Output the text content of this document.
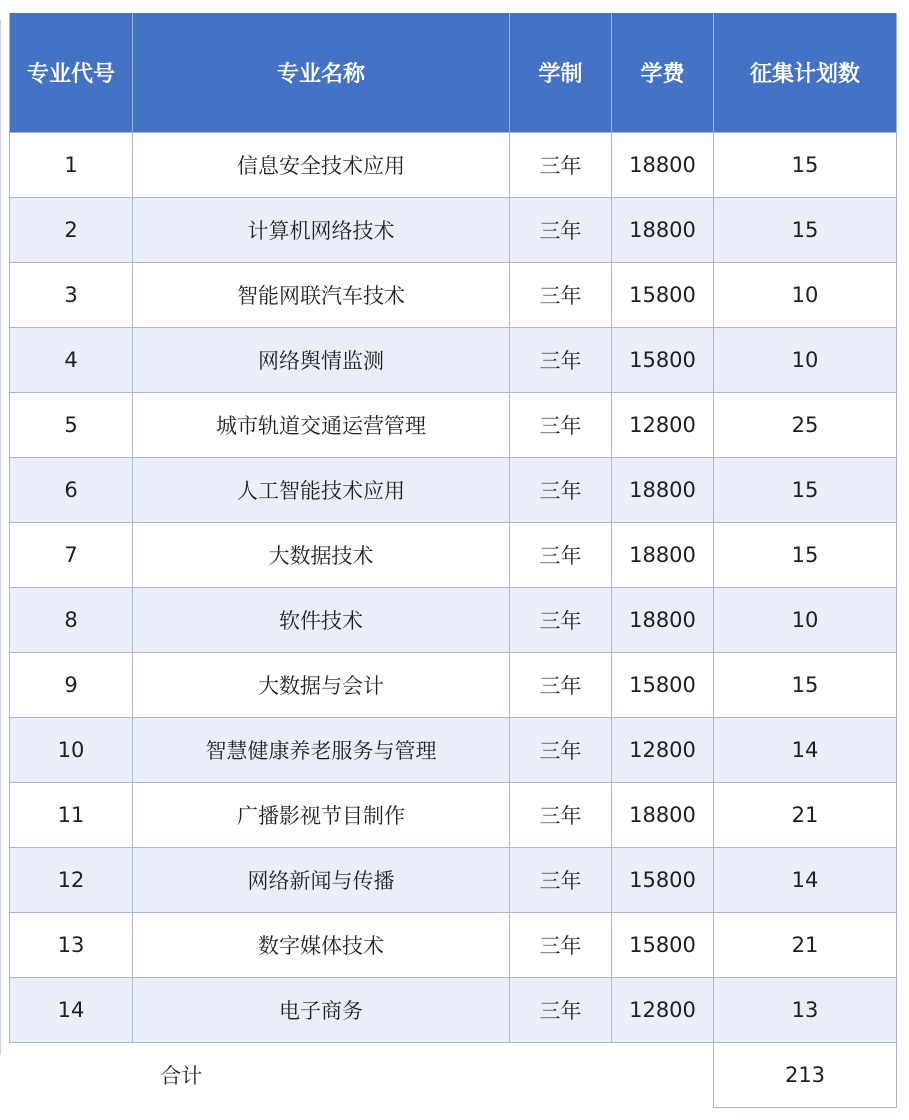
专业代号	专业名称	学制	学费	征集计划数
1	信息安全技术应用	三年	18800	15
2	计算机网络技术	三年	18800	15
3	智能网联汽车技术	三年	15800	10
4	网络舆情监测	三年	15800	10
5	城市轨道交通运营管理	三年	12800	25
6	人工智能技术应用	三年	18800	15
7	大数据技术	三年	18800	15
8	软件技术	三年	18800	10
9	大数据与会计	三年	15800	15
10	智慧健康养老服务与管理	三年	12800	14
11	广播影视节目制作	三年	18800	21
12	网络新闻与传播	三年	15800	14
13	数字媒体技术	三年	15800	21
14	电子商务	三年	12800	13
合计				213
